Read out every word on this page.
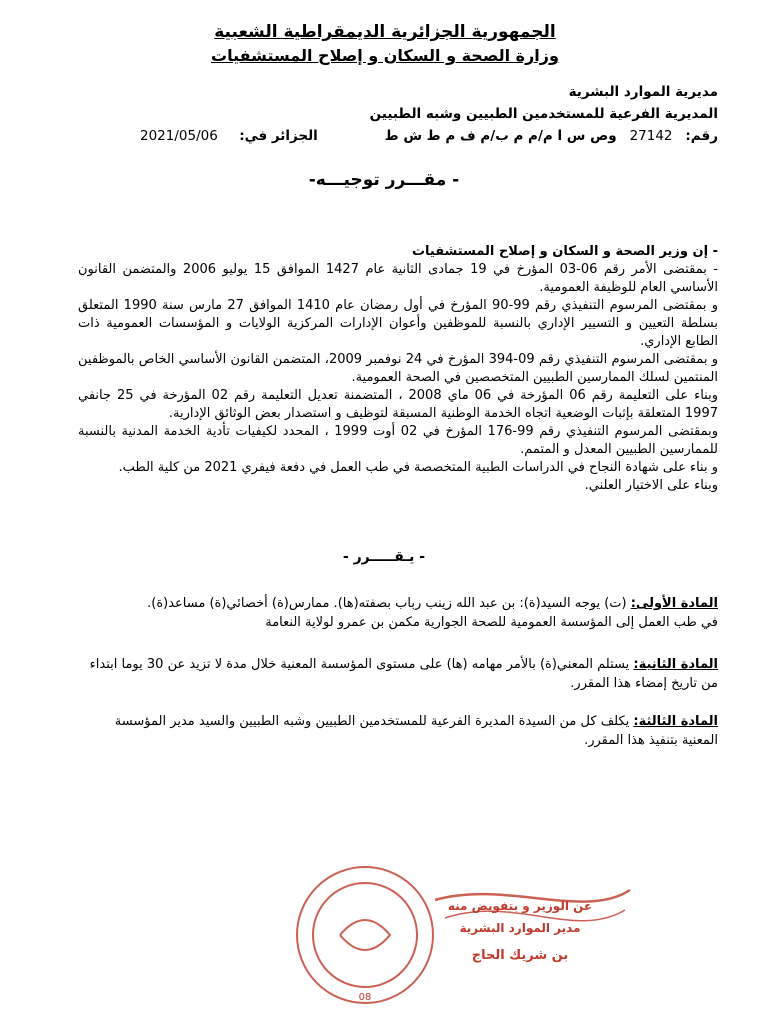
الجمهورية الجزائرية الديمقراطية الشعبية
وزارة الصحة و السكان و إصلاح المستشفيات
مديرية الموارد البشرية
المديرية الفرعية للمستخدمين الطبيين وشبه الطبيين
رقم:   27142   وص س ا م/م م ب/م ف م ط ش ط
الجزائر في:     2021/05/06
- مقـــرر توجيـــه-

- إن وزير الصحة و السكان و إصلاح المستشفيات

- بمقتضى الأمر رقم 06-03 المؤرخ في 19 جمادى الثانية عام 1427 الموافق 15 يوليو 2006 والمتضمن القانون الأساسي العام للوظيفة العمومية.

و بمقتضى المرسوم التنفيذي رقم 99-90 المؤرخ في أول رمضان عام 1410 الموافق 27 مارس سنة 1990 المتعلق بسلطة التعيين و التسيير الإداري بالنسبة للموظفين وأعوان الإدارات المركزية الولايات و المؤسسات العمومية ذات الطابع الإداري.

و بمقتضى المرسوم التنفيذي رقم 09-394 المؤرخ في 24 نوفمبر 2009، المتضمن القانون الأساسي الخاص بالموظفين المنتمين لسلك الممارسين الطبيين المتخصصين في الصحة العمومية.

وبناء على التعليمة رقم 06 المؤرخة في 06 ماي 2008 ، المتضمنة تعديل التعليمة رقم 02 المؤرخة في 25 جانفي 1997 المتعلقة بإثبات الوضعية اتجاه الخدمة الوطنية المسبقة لتوظيف و استصدار بعض الوثائق الإدارية.

وبمقتضى المرسوم التنفيذي رقم 99-176 المؤرخ في 02 أوت 1999 ، المحدد لكيفيات تأدية الخدمة المدنية بالنسبة للممارسين الطبيين المعدل و المتمم.

و بناء على شهادة النجاح في الدراسات الطبية المتخصصة في طب العمل في دفعة فيفري 2021 من كلية الطب.

وبناء على الاختيار العلني.

- يـقـــــرر -
المادة الأولى: (ت) يوجه السيد(ة): بن عبد الله زينب رباب بصفته(ها). ممارس(ة) أخصائي(ة) مساعد(ة).
في طب العمل إلى المؤسسة العمومية للصحة الجوارية مكمن بن عمرو لولاية النعامة
المادة الثانية: يستلم المعني(ة) بالأمر مهامه (ها) على مستوى المؤسسة المعنية خلال مدة لا تزيد عن 30 يوما ابتداء من تاريخ إمضاء هذا المقرر.
المادة الثالثة: يكلف كل من السيدة المديرة الفرعية للمستخدمين الطبيين وشبه الطبيين والسيد مدير المؤسسة المعنية بتنفيذ هذا المقرر.
08
عن الوزير و بتفويض منه
مدير الموارد البشرية
بن شريك الحاج
